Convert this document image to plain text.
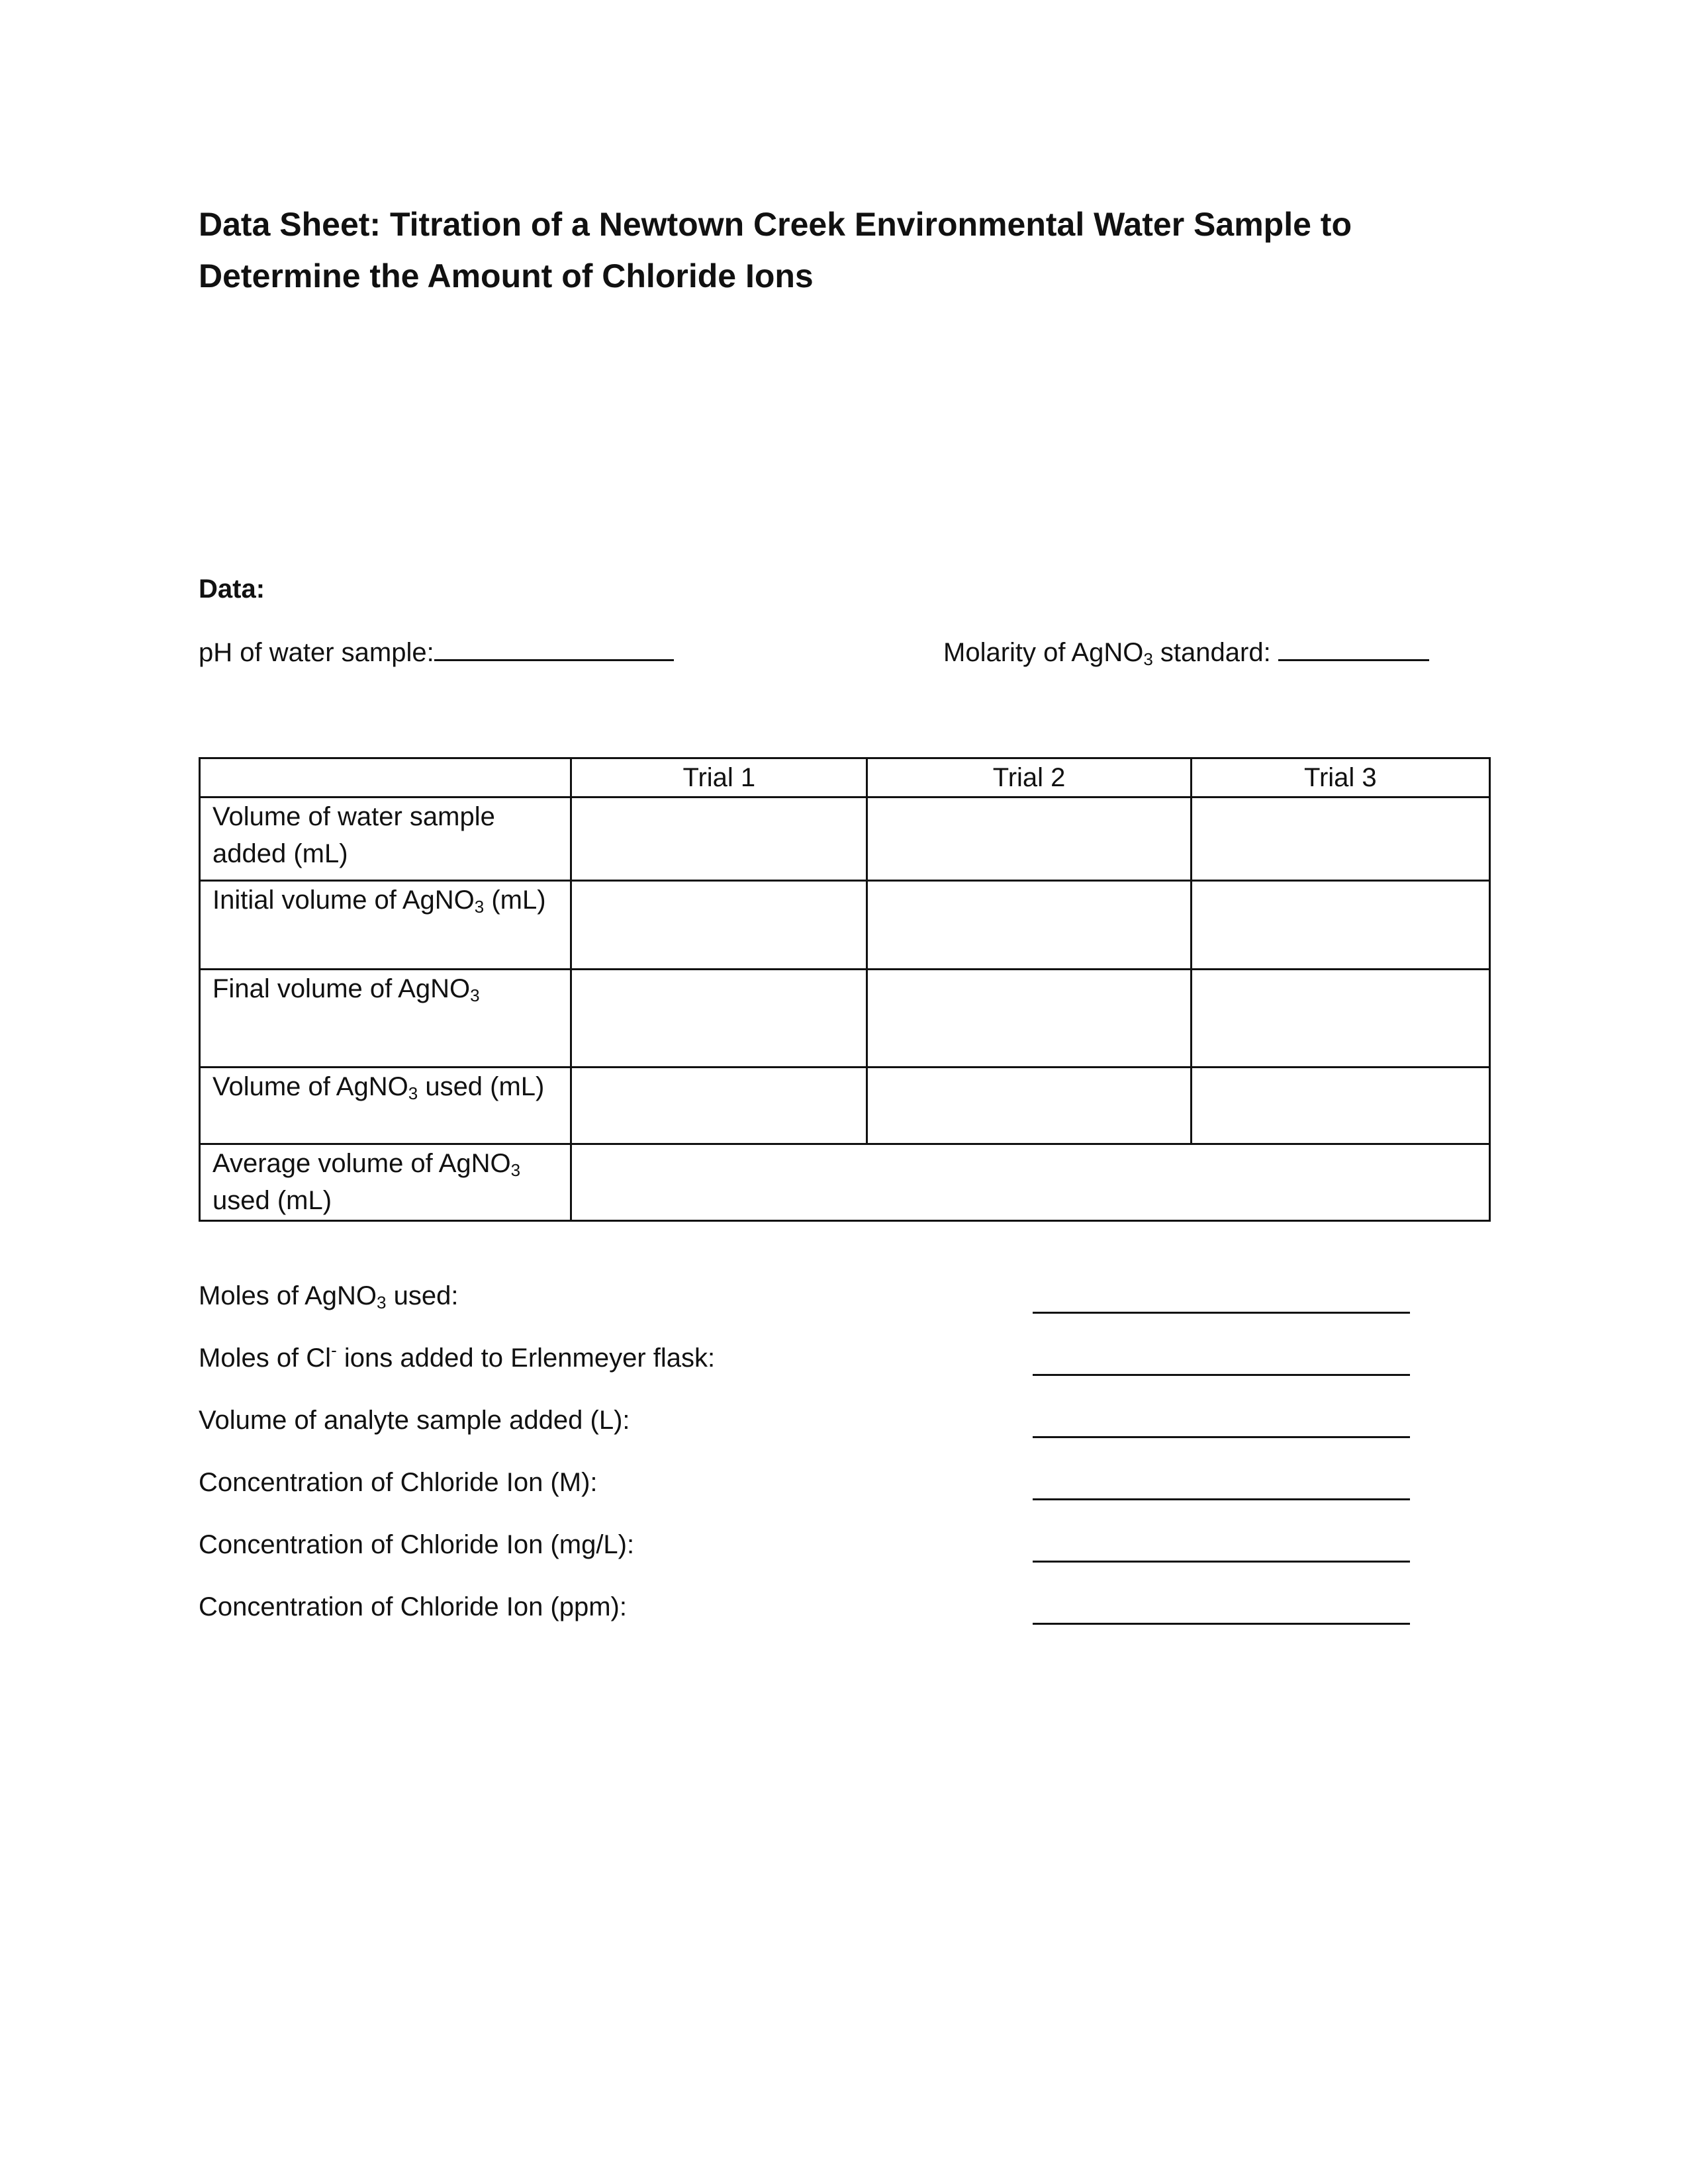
Data Sheet: Titration of a Newtown Creek Environmental Water Sample to
Determine the Amount of Chloride Ions
Data:
pH of water sample:	Molarity of AgNO$_3$ standard:
	Trial 1	Trial 2	Trial 3
Volume of water sample added (mL)			
Initial volume of AgNO$_3$ (mL)			
Final volume of AgNO$_3$			
Volume of AgNO$_3$ used (mL)			
Average volume of AgNO$_3$ used (mL)			
Moles of AgNO$_3$ used:
Moles of Cl- ions added to Erlenmeyer flask:
Volume of analyte sample added (L):
Concentration of Chloride Ion (M):
Concentration of Chloride Ion (mg/L):
Concentration of Chloride Ion (ppm):
